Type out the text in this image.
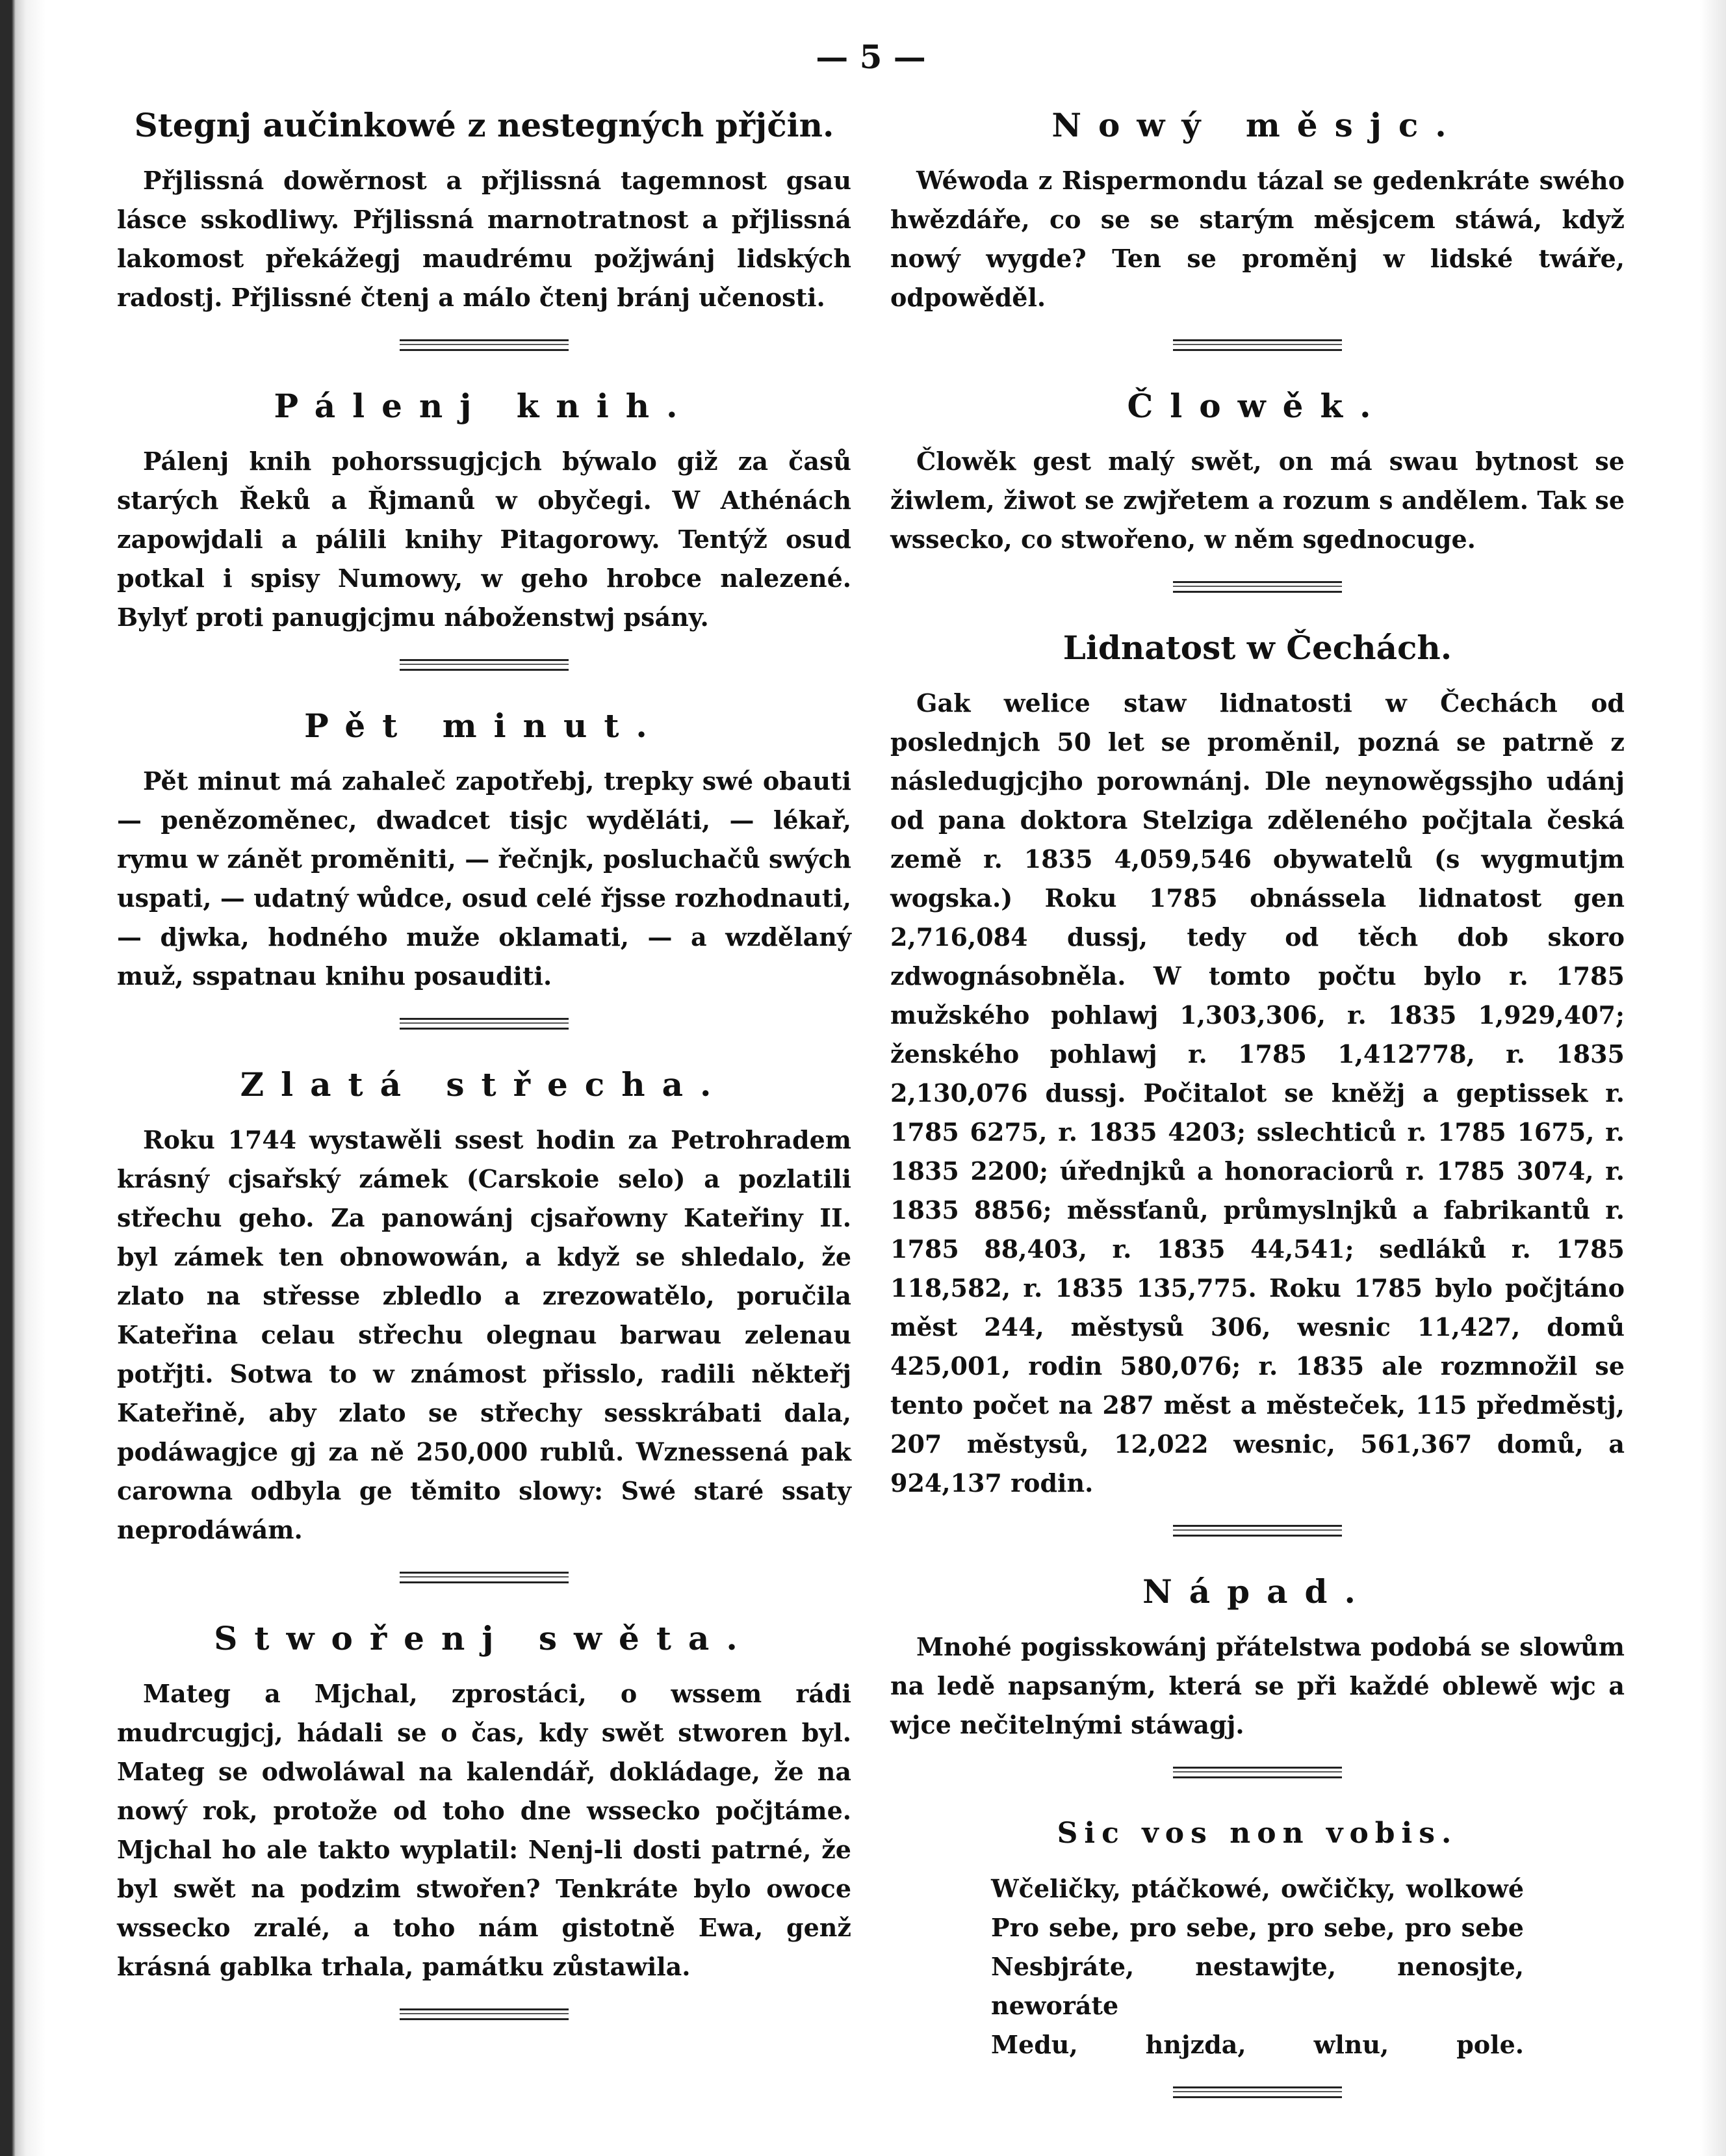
— 5 —
Stegnj aučinkowé z nestegných přjčin.

Přjlissná dowěrnost a přjlissná tagemnost gsau lásce sskodliwy. Přjlissná marnotratnost a přjlissná lakomost překážegj maudrému požjwánj lidských radostj. Přjlissné čtenj a málo čtenj bránj učenosti.

Pálenj knih.

Pálenj knih pohorssugjcjch býwalo giž za časů starých Řeků a Řjmanů w obyčegi. W Athénách zapowjdali a pálili knihy Pitagorowy. Tentýž osud potkal i spisy Numowy, w geho hrobce nalezené. Bylyť proti panugjcjmu náboženstwj psány.

Pět minut.

Pět minut má zahaleč zapotřebj, trepky swé obauti — penězoměnec, dwadcet tisjc wyděláti, — lékař, rymu w zánět proměniti, — řečnjk, posluchačů swých uspati, — udatný wůdce, osud celé řjsse rozhodnauti, — djwka, hodného muže oklamati, — a wzdělaný muž, sspatnau knihu posauditi.

Zlatá střecha.

Roku 1744 wystawěli ssest hodin za Petrohradem krásný cjsařský zámek (Carskoie selo) a pozlatili střechu geho. Za panowánj cjsařowny Kateřiny II. byl zámek ten obnowowán, a když se shledalo, že zlato na střesse zbledlo a zrezowatělo, poručila Kateřina celau střechu olegnau barwau zelenau potřjti. Sotwa to w známost přisslo, radili někteřj Kateřině, aby zlato se střechy sesskrábati dala, podáwagjce gj za ně 250,000 rublů. Wznessená pak carowna odbyla ge těmito slowy: Swé staré ssaty neprodáwám.

Stwořenj swěta.

Mateg a Mjchal, zprostáci, o wssem rádi mudrcugjcj, hádali se o čas, kdy swět stworen byl. Mateg se odwoláwal na kalendář, dokládage, že na nowý rok, protože od toho dne wssecko počjtáme. Mjchal ho ale takto wyplatil: Nenj-li dosti patrné, že byl swět na podzim stwořen? Tenkráte bylo owoce wssecko zralé, a toho nám gistotně Ewa, genž krásná gablka trhala, památku zůstawila.

Nowý měsjc.

Wéwoda z Rispermondu tázal se gedenkráte swého hwězdáře, co se se starým měsjcem stáwá, když nowý wygde? Ten se proměnj w lidské twáře, odpowěděl.

Člowěk.

Člowěk gest malý swět, on má swau bytnost se žiwlem, žiwot se zwjřetem a rozum s andělem. Tak se wssecko, co stwořeno, w něm sgednocuge.

Lidnatost w Čechách.

Gak welice staw lidnatosti w Čechách od poslednjch 50 let se proměnil, pozná se patrně z následugjcjho porownánj. Dle neynowěgssjho udánj od pana doktora Stelziga zděleného počjtala česká země r. 1835 4,059,546 obywatelů (s wygmutjm wogska.) Roku 1785 obnássela lidnatost gen 2,716,084 dussj, tedy od těch dob skoro zdwognásobněla. W tomto počtu bylo r. 1785 mužského pohlawj 1,303,306, r. 1835 1,929,407; ženského pohlawj r. 1785 1,412778, r. 1835 2,130,076 dussj. Počitalot se kněžj a geptissek r. 1785 6275, r. 1835 4203; sslechticů r. 1785 1675, r. 1835 2200; úřednjků a honoraciorů r. 1785 3074, r. 1835 8856; měssťanů, průmyslnjků a fabrikantů r. 1785 88,403, r. 1835 44,541; sedláků r. 1785 118,582, r. 1835 135,775. Roku 1785 bylo počjtáno měst 244, městysů 306, wesnic 11,427, domů 425,001, rodin 580,076; r. 1835 ale rozmnožil se tento počet na 287 měst a městeček, 115 předměstj, 207 městysů, 12,022 wesnic, 561,367 domů, a 924,137 rodin.

Nápad.

Mnohé pogisskowánj přátelstwa podobá se slowům na ledě napsaným, která se při každé oblewě wjc a wjce nečitelnými stáwagj.

Sic vos non vobis.
Wčeličky, ptáčkowé, owčičky, wolkowé
Pro sebe, pro sebe, pro sebe, pro sebe
Nesbjráte, nestawjte, nenosjte, neworáte
Medu, hnjzda, wlnu, pole.
